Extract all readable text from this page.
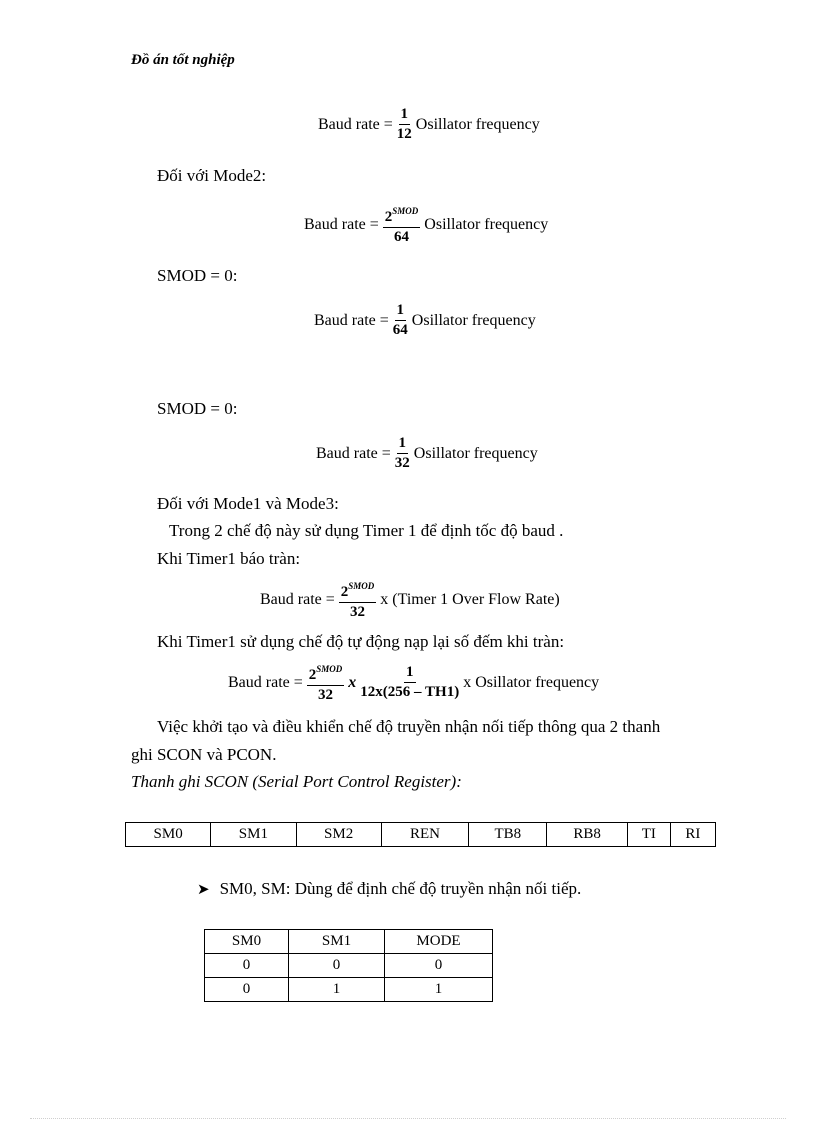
Đồ án tốt nghiệp
Baud rate = $\frac{1}{12}$ Osillator frequency
Đối với Mode2:
Baud rate = $\frac{2^{SMOD}}{64}$ Osillator frequency
SMOD = 0:
Baud rate = $\frac{1}{64}$ Osillator frequency
SMOD = 0:
Baud rate = $\frac{1}{32}$ Osillator frequency
Đối với Mode1 và Mode3:
Trong 2 chế độ này sử dụng Timer 1 để định tốc độ baud .
Khi Timer1 báo tràn:
Baud rate = $\frac{2^{SMOD}}{32}$ x (Timer 1 Over Flow Rate)
Khi Timer1 sử dụng chế độ tự động nạp lại số đếm khi tràn:
Baud rate = $\frac{2^{SMOD}}{32}$ x $\frac{1}{12x(256 - TH1)}$ x Osillator frequency
Việc khởi tạo và điều khiển chế độ truyền nhận nối tiếp thông qua 2 thanh
ghi SCON và PCON.
Thanh ghi SCON (Serial Port Control Register):
SM0	SM1	SM2	REN	TB8	RB8	TI	RI
➤ SM0, SM: Dùng để định chế độ truyền nhận nối tiếp.
SM0	SM1	MODE
0	0	0
0	1	1
